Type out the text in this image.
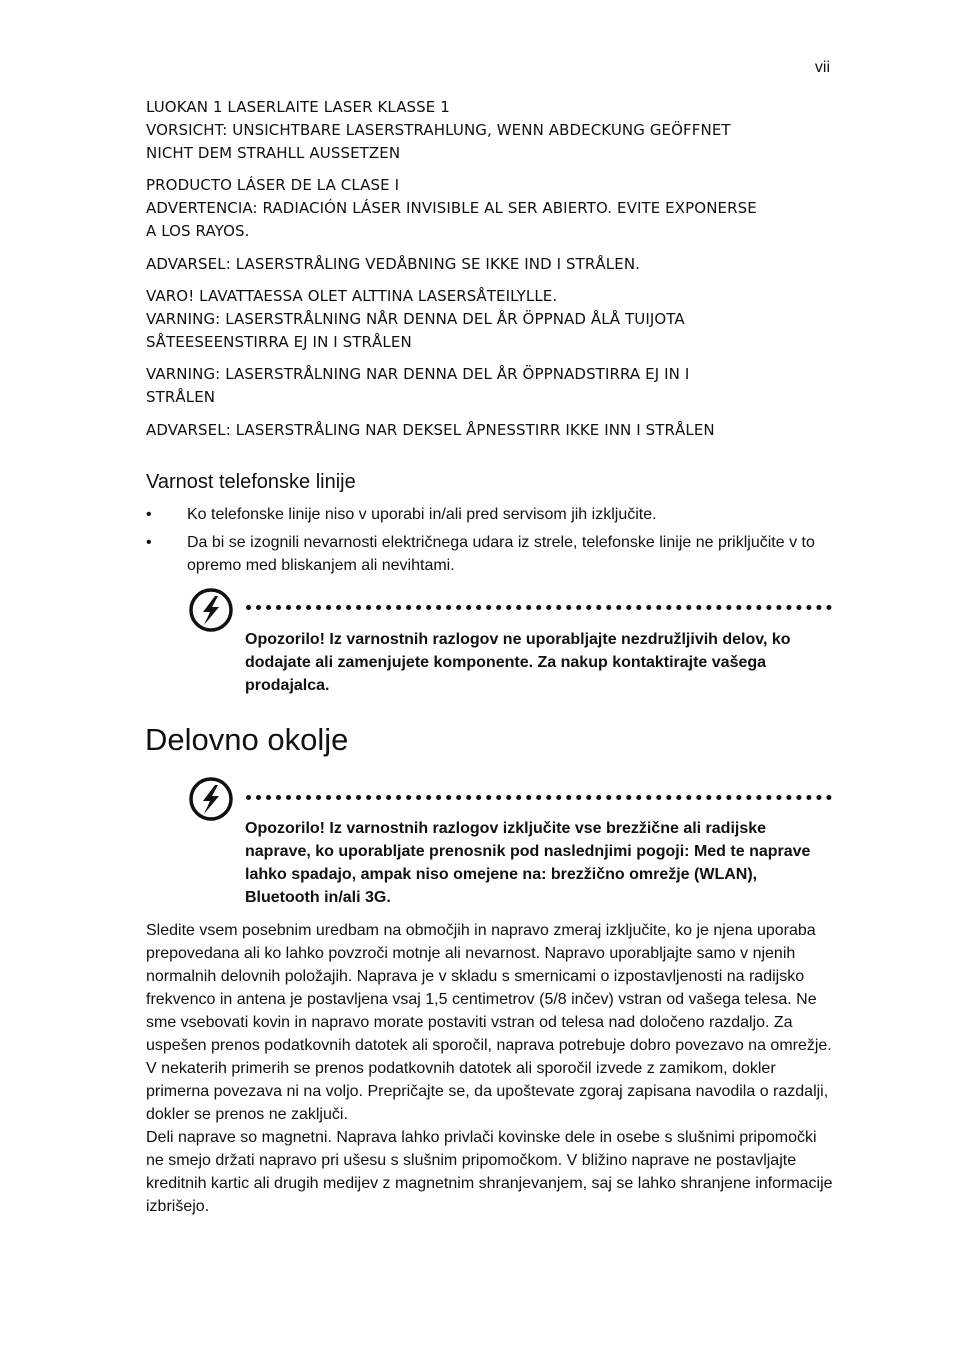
vii

LUOKAN 1 LASERLAITE LASER KLASSE 1

VORSICHT: UNSICHTBARE LASERSTRAHLUNG, WENN ABDECKUNG GEÖFFNET

NICHT DEM STRAHLL AUSSETZEN

PRODUCTO LÁSER DE LA CLASE I

ADVERTENCIA: RADIACIÓN LÁSER INVISIBLE AL SER ABIERTO. EVITE EXPONERSE

A LOS RAYOS.

ADVARSEL: LASERSTRÅLING VEDÅBNING SE IKKE IND I STRÅLEN.

VARO! LAVATTAESSA OLET ALTTINA LASERSÅTEILYLLE.

VARNING: LASERSTRÅLNING NÅR DENNA DEL ÅR ÖPPNAD ÅLÅ TUIJOTA

SÅTEESEENSTIRRA EJ IN I STRÅLEN

VARNING: LASERSTRÅLNING NAR DENNA DEL ÅR ÖPPNADSTIRRA EJ IN I

STRÅLEN

ADVARSEL: LASERSTRÅLING NAR DEKSEL ÅPNESSTIRR IKKE INN I STRÅLEN

Varnost telefonske linije
• Ko telefonske linije niso v uporabi in/ali pred servisom jih izklјučite.
• Da bi se izognili nevarnosti električnega udara iz strele, telefonske linije ne priključite v to opremo med bliskanjem ali nevihtami.

Opozorilo! Iz varnostnih razlogov ne uporabljajte nezdružljivih delov, ko dodajate ali zamenjujete komponente. Za nakup kontaktirajte vašega prodajalca.

Delovno okolje

Opozorilo! Iz varnostnih razlogov izključite vse brezžične ali radijske naprave, ko uporabljate prenosnik pod naslednjimi pogoji: Med te naprave lahko spadajo, ampak niso omejene na: brezžično omrežje (WLAN), Bluetooth in/ali 3G.

Sledite vsem posebnim uredbam na območjih in napravo zmeraj izključite, ko je njena uporaba prepovedana ali ko lahko povzroči motnje ali nevarnost. Napravo uporabljajte samo v njenih normalnih delovnih položajih. Naprava je v skladu s smernicami o izpostavljenosti na radijsko frekvenco in antena je postavljena vsaj 1,5 centimetrov (5/8 inčev) vstran od vašega telesa. Ne sme vsebovati kovin in napravo morate postaviti vstran od telesa nad določeno razdaljo. Za uspešen prenos podatkovnih datotek ali sporočil, naprava potrebuje dobro povezavo na omrežje. V nekaterih primerih se prenos podatkovnih datotek ali sporočil izvede z zamikom, dokler primerna povezava ni na voljo. Prepričajte se, da upoštevate zgoraj zapisana navodila o razdalji, dokler se prenos ne zaključi.
Deli naprave so magnetni. Naprava lahko privlači kovinske dele in osebe s slušnimi pripomočki ne smejo držati napravo pri ušesu s slušnim pripomočkom. V bližino naprave ne postavljajte kreditnih kartic ali drugih medijev z magnetnim shranjevanjem, saj se lahko shranjene informacije izbrišejo.
